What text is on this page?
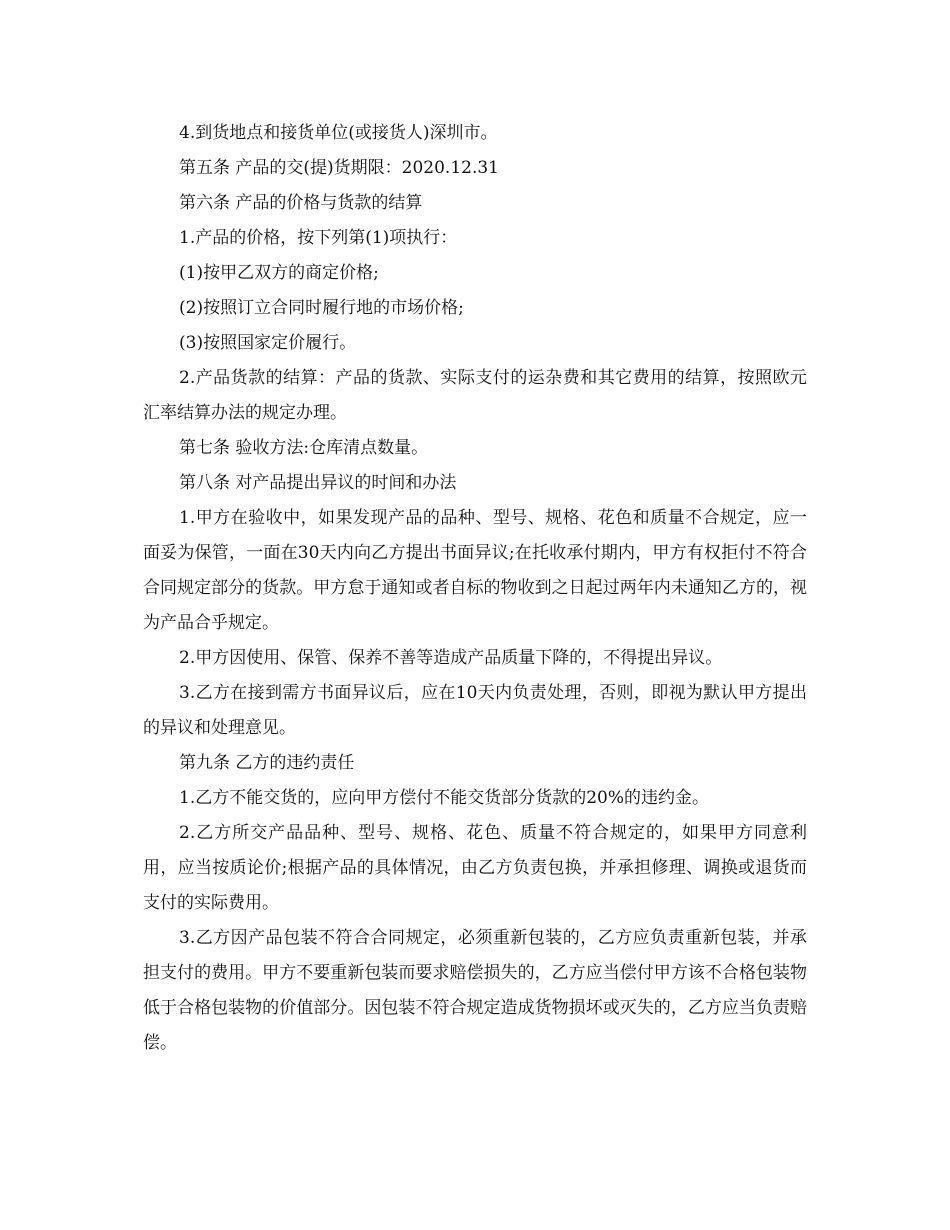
4.到货地点和接货单位(或接货人)深圳市。

第五条 产品的交(提)货期限：2020.12.31

第六条 产品的价格与货款的结算

1.产品的价格，按下列第(1)项执行：

(1)按甲乙双方的商定价格;

(2)按照订立合同时履行地的市场价格;

(3)按照国家定价履行。

2.产品货款的结算：产品的货款、实际支付的运杂费和其它费用的结算，按照欧元汇率结算办法的规定办理。

第七条 验收方法:仓库清点数量。

第八条 对产品提出异议的时间和办法

1.甲方在验收中，如果发现产品的品种、型号、规格、花色和质量不合规定，应一面妥为保管，一面在30天内向乙方提出书面异议;在托收承付期内，甲方有权拒付不符合合同规定部分的货款。甲方怠于通知或者自标的物收到之日起过两年内未通知乙方的，视为产品合乎规定。

2.甲方因使用、保管、保养不善等造成产品质量下降的，不得提出异议。

3.乙方在接到需方书面异议后，应在10天内负责处理，否则，即视为默认甲方提出的异议和处理意见。

第九条 乙方的违约责任

1.乙方不能交货的，应向甲方偿付不能交货部分货款的20%的违约金。

2.乙方所交产品品种、型号、规格、花色、质量不符合规定的，如果甲方同意利用，应当按质论价;根据产品的具体情况，由乙方负责包换，并承担修理、调换或退货而支付的实际费用。

3.乙方因产品包装不符合合同规定，必须重新包装的，乙方应负责重新包装，并承担支付的费用。甲方不要重新包装而要求赔偿损失的，乙方应当偿付甲方该不合格包装物低于合格包装物的价值部分。因包装不符合规定造成货物损坏或灭失的，乙方应当负责赔偿。
